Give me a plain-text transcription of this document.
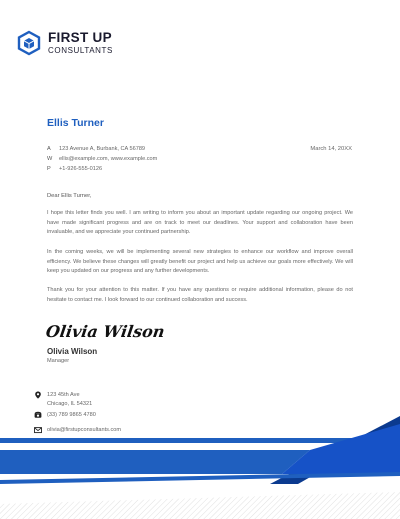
FIRST UP
CONSULTANTS
Ellis Turner
A 123 Avenue A, Burbank, CA 56789
W ellis@example.com, www.example.com
P +1-926-555-0126
March 14, 20XX
Dear Ellis Turner,
I hope this letter finds you well. I am writing to inform you about an important update regarding our ongoing project. We have made significant progress and are on track to meet our deadlines. Your support and collaboration have been invaluable, and we appreciate your continued partnership.
In the coming weeks, we will be implementing several new strategies to enhance our workflow and improve overall efficiency. We believe these changes will greatly benefit our project and help us achieve our goals more effectively. We will keep you updated on our progress and any further developments.
Thank you for your attention to this matter. If you have any questions or require additional information, please do not hesitate to contact me. I look forward to our continued collaboration and success.
Olivia Wilson
Olivia Wilson
Manager
123 45th Ave
Chicago, IL 54321
(33) 789 9865 4780
olivia@firstupconsultants.com
